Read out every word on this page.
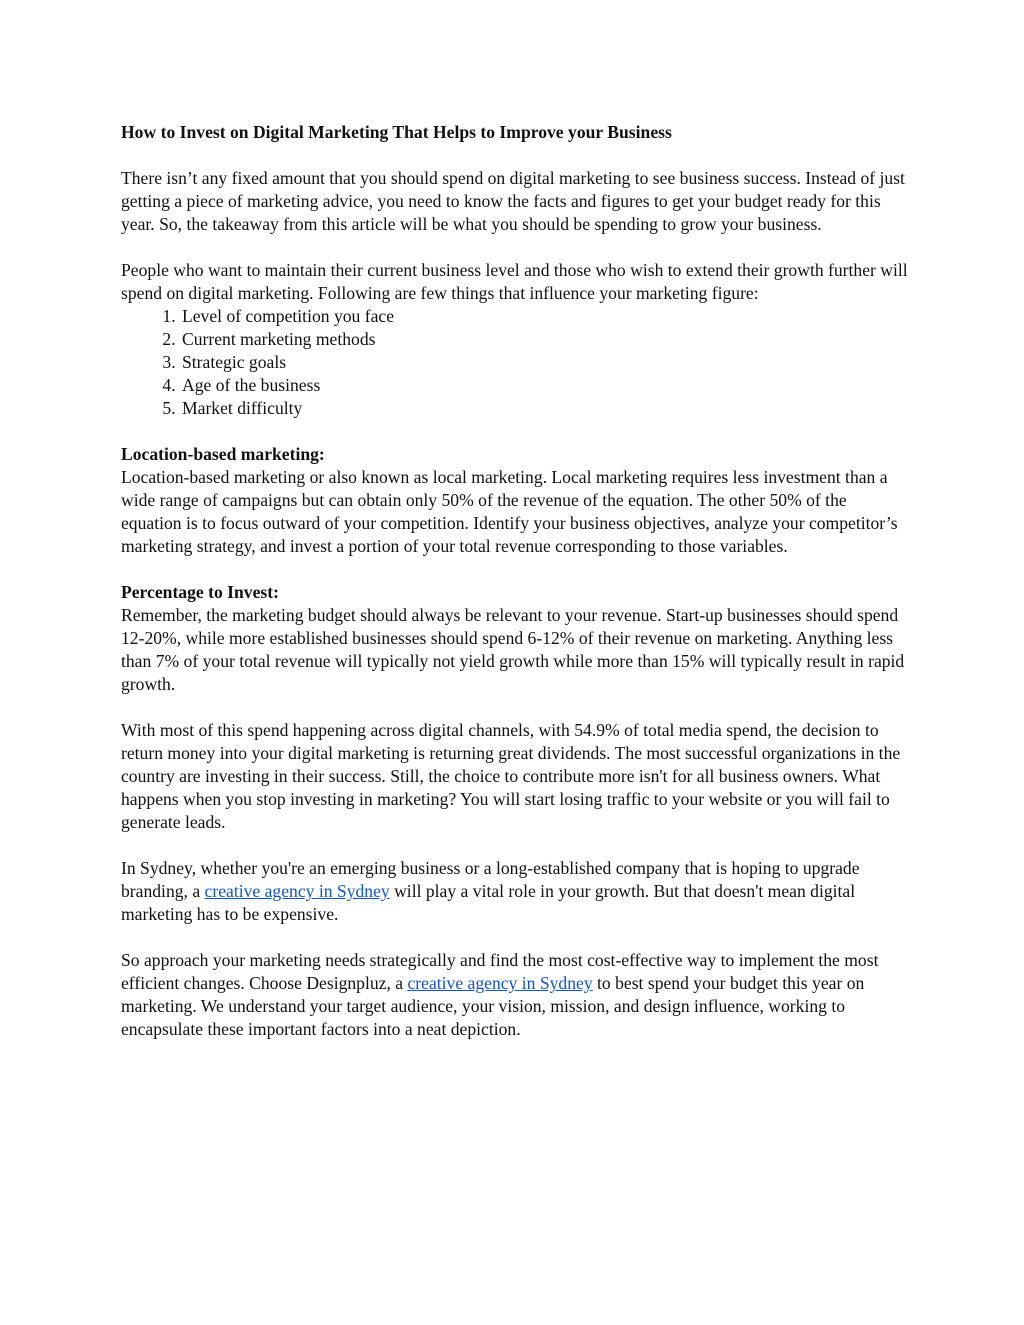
How to Invest on Digital Marketing That Helps to Improve your Business

There isn’t any fixed amount that you should spend on digital marketing to see business success. Instead of just getting a piece of marketing advice, you need to know the facts and figures to get your budget ready for this year. So, the takeaway from this article will be what you should be spending to grow your business.

People who want to maintain their current business level and those who wish to extend their growth further will spend on digital marketing. Following are few things that influence your marketing figure:
1. Level of competition you face
2. Current marketing methods
3. Strategic goals
4. Age of the business
5. Market difficulty

Location-based marketing:
Location-based marketing or also known as local marketing. Local marketing requires less investment than a wide range of campaigns but can obtain only 50% of the revenue of the equation. The other 50% of the equation is to focus outward of your competition. Identify your business objectives, analyze your competitor’s marketing strategy, and invest a portion of your total revenue corresponding to those variables.

Percentage to Invest:
Remember, the marketing budget should always be relevant to your revenue. Start-up businesses should spend 12-20%, while more established businesses should spend 6-12% of their revenue on marketing. Anything less than 7% of your total revenue will typically not yield growth while more than 15% will typically result in rapid growth.

With most of this spend happening across digital channels, with 54.9% of total media spend, the decision to return money into your digital marketing is returning great dividends. The most successful organizations in the country are investing in their success. Still, the choice to contribute more isn't for all business owners. What happens when you stop investing in marketing? You will start losing traffic to your website or you will fail to generate leads.

In Sydney, whether you're an emerging business or a long-established company that is hoping to upgrade branding, a creative agency in Sydney will play a vital role in your growth. But that doesn't mean digital marketing has to be expensive.

So approach your marketing needs strategically and find the most cost-effective way to implement the most efficient changes. Choose Designpluz, a creative agency in Sydney to best spend your budget this year on marketing. We understand your target audience, your vision, mission, and design influence, working to encapsulate these important factors into a neat depiction.
